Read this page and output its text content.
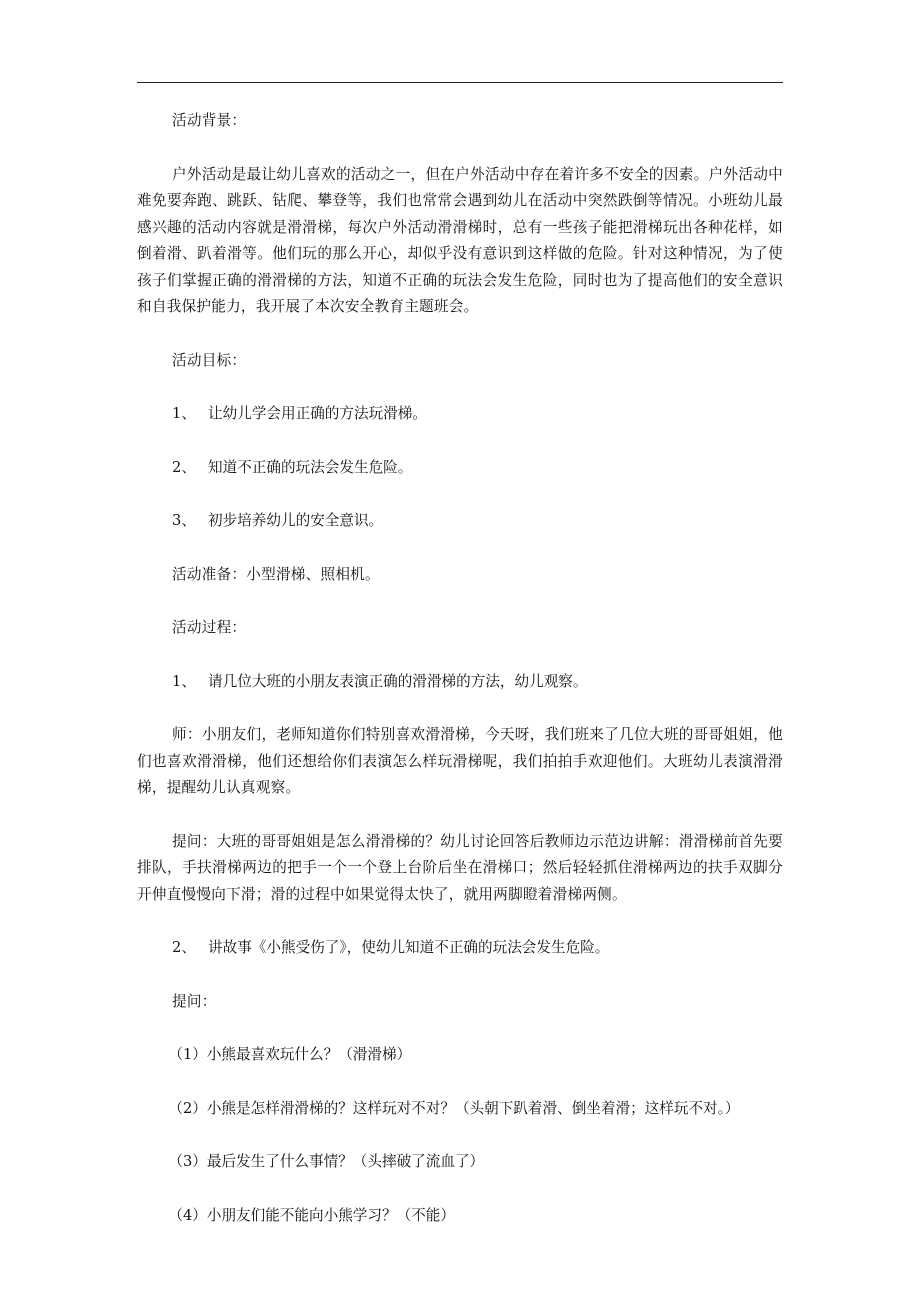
活动背景：
户外活动是最让幼儿喜欢的活动之一，但在户外活动中存在着许多不安全的因素。户外活动中难免要奔跑、跳跃、钻爬、攀登等，我们也常常会遇到幼儿在活动中突然跌倒等情况。小班幼儿最感兴趣的活动内容就是滑滑梯，每次户外活动滑滑梯时，总有一些孩子能把滑梯玩出各种花样，如倒着滑、趴着滑等。他们玩的那么开心，却似乎没有意识到这样做的危险。针对这种情况，为了使孩子们掌握正确的滑滑梯的方法，知道不正确的玩法会发生危险，同时也为了提高他们的安全意识和自我保护能力，我开展了本次安全教育主题班会。
活动目标：
1、 让幼儿学会用正确的方法玩滑梯。
2、 知道不正确的玩法会发生危险。
3、 初步培养幼儿的安全意识。
活动准备：小型滑梯、照相机。
活动过程：
1、 请几位大班的小朋友表演正确的滑滑梯的方法，幼儿观察。
师：小朋友们，老师知道你们特别喜欢滑滑梯，今天呀，我们班来了几位大班的哥哥姐姐，他们也喜欢滑滑梯，他们还想给你们表演怎么样玩滑梯呢，我们拍拍手欢迎他们。大班幼儿表演滑滑梯，提醒幼儿认真观察。
提问：大班的哥哥姐姐是怎么滑滑梯的？幼儿讨论回答后教师边示范边讲解：滑滑梯前首先要排队，手扶滑梯两边的把手一个一个登上台阶后坐在滑梯口；然后轻轻抓住滑梯两边的扶手双脚分开伸直慢慢向下滑；滑的过程中如果觉得太快了，就用两脚瞪着滑梯两侧。
2、 讲故事《小熊受伤了》，使幼儿知道不正确的玩法会发生危险。
提问：
（1）小熊最喜欢玩什么？（滑滑梯）
（2）小熊是怎样滑滑梯的？这样玩对不对？（头朝下趴着滑、倒坐着滑；这样玩不对。）
（3）最后发生了什么事情？（头摔破了流血了）
（4）小朋友们能不能向小熊学习？（不能）
